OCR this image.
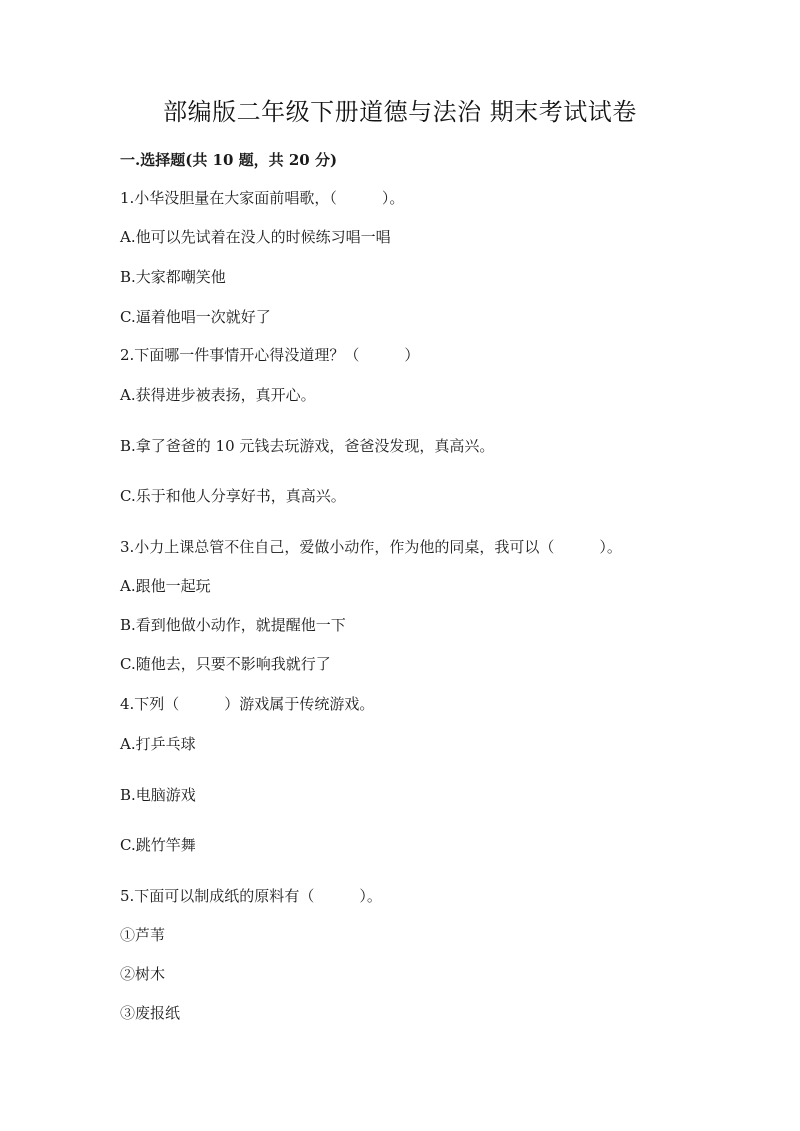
部编版二年级下册道德与法治 期末考试试卷
一.选择题(共 10 题，共 20 分)
1.小华没胆量在大家面前唱歌，（　　　）。
A.他可以先试着在没人的时候练习唱一唱
B.大家都嘲笑他
C.逼着他唱一次就好了
2.下面哪一件事情开心得没道理？（　　　）
A.获得进步被表扬，真开心。
B.拿了爸爸的 10 元钱去玩游戏，爸爸没发现，真高兴。
C.乐于和他人分享好书，真高兴。
3.小力上课总管不住自己，爱做小动作，作为他的同桌，我可以（　　　）。
A.跟他一起玩
B.看到他做小动作，就提醒他一下
C.随他去，只要不影响我就行了
4.下列（　　　）游戏属于传统游戏。
A.打乒乓球
B.电脑游戏
C.跳竹竿舞
5.下面可以制成纸的原料有（　　　）。
①芦苇
②树木
③废报纸
